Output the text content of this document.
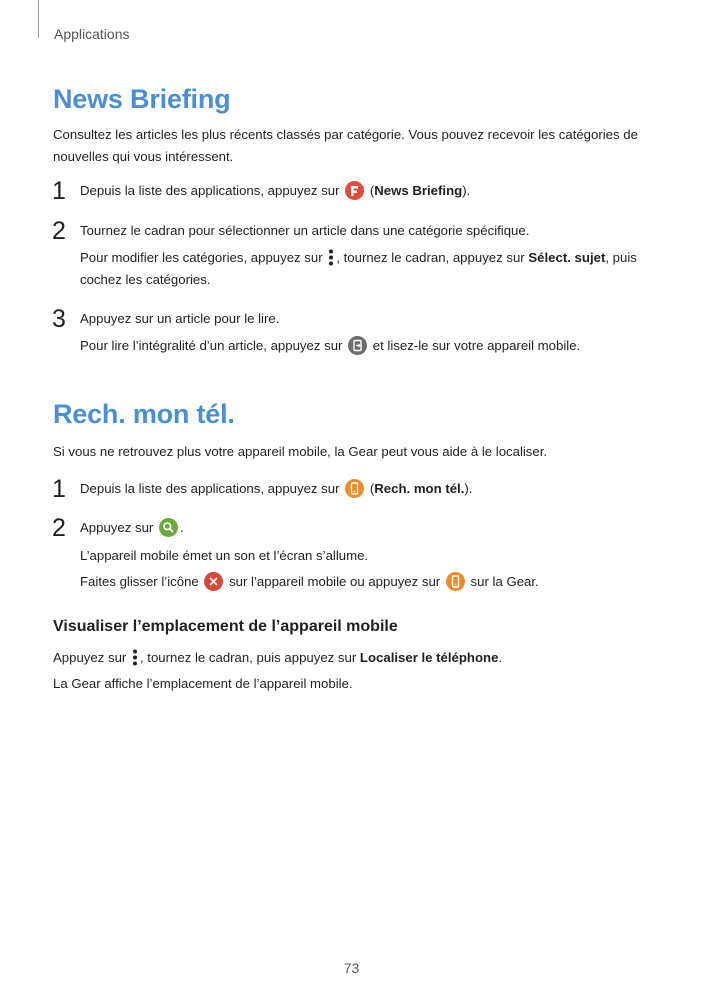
Applications
News Briefing
Consultez les articles les plus récents classés par catégorie. Vous pouvez recevoir les catégories de nouvelles qui vous intéressent.
1 Depuis la liste des applications, appuyez sur
(News Briefing).
2 Tournez le cadran pour sélectionner un article dans une catégorie spécifique.
Pour modifier les catégories, appuyez sur , tournez le cadran, appuyez sur Sélect. sujet, puis cochez les catégories.
3 Appuyez sur un article pour le lire.
Pour lire l’intégralité d’un article, appuyez sur et lisez-le sur votre appareil mobile.
Rech. mon tél.
Si vous ne retrouvez plus votre appareil mobile, la Gear peut vous aide à le localiser.
1 Depuis la liste des applications, appuyez sur
(Rech. mon tél.).
2 Appuyez sur .
L’appareil mobile émet un son et l’écran s’allume.
Faites glisser l’icône sur l’appareil mobile ou appuyez sur sur la Gear.
Visualiser l’emplacement de l’appareil mobile
Appuyez sur , tournez le cadran, puis appuyez sur Localiser le téléphone.
La Gear affiche l’emplacement de l’appareil mobile.
73
